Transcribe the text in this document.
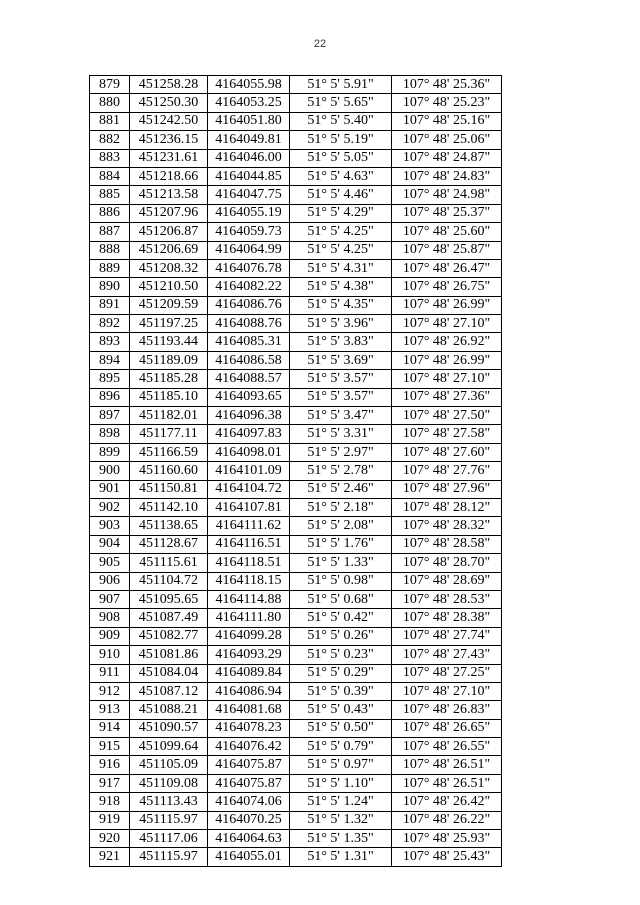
22
879	451258.28	4164055.98	51° 5' 5.91"	107° 48' 25.36"
880	451250.30	4164053.25	51° 5' 5.65"	107° 48' 25.23"
881	451242.50	4164051.80	51° 5' 5.40"	107° 48' 25.16"
882	451236.15	4164049.81	51° 5' 5.19"	107° 48' 25.06"
883	451231.61	4164046.00	51° 5' 5.05"	107° 48' 24.87"
884	451218.66	4164044.85	51° 5' 4.63"	107° 48' 24.83"
885	451213.58	4164047.75	51° 5' 4.46"	107° 48' 24.98"
886	451207.96	4164055.19	51° 5' 4.29"	107° 48' 25.37"
887	451206.87	4164059.73	51° 5' 4.25"	107° 48' 25.60"
888	451206.69	4164064.99	51° 5' 4.25"	107° 48' 25.87"
889	451208.32	4164076.78	51° 5' 4.31"	107° 48' 26.47"
890	451210.50	4164082.22	51° 5' 4.38"	107° 48' 26.75"
891	451209.59	4164086.76	51° 5' 4.35"	107° 48' 26.99"
892	451197.25	4164088.76	51° 5' 3.96"	107° 48' 27.10"
893	451193.44	4164085.31	51° 5' 3.83"	107° 48' 26.92"
894	451189.09	4164086.58	51° 5' 3.69"	107° 48' 26.99"
895	451185.28	4164088.57	51° 5' 3.57"	107° 48' 27.10"
896	451185.10	4164093.65	51° 5' 3.57"	107° 48' 27.36"
897	451182.01	4164096.38	51° 5' 3.47"	107° 48' 27.50"
898	451177.11	4164097.83	51° 5' 3.31"	107° 48' 27.58"
899	451166.59	4164098.01	51° 5' 2.97"	107° 48' 27.60"
900	451160.60	4164101.09	51° 5' 2.78"	107° 48' 27.76"
901	451150.81	4164104.72	51° 5' 2.46"	107° 48' 27.96"
902	451142.10	4164107.81	51° 5' 2.18"	107° 48' 28.12"
903	451138.65	4164111.62	51° 5' 2.08"	107° 48' 28.32"
904	451128.67	4164116.51	51° 5' 1.76"	107° 48' 28.58"
905	451115.61	4164118.51	51° 5' 1.33"	107° 48' 28.70"
906	451104.72	4164118.15	51° 5' 0.98"	107° 48' 28.69"
907	451095.65	4164114.88	51° 5' 0.68"	107° 48' 28.53"
908	451087.49	4164111.80	51° 5' 0.42"	107° 48' 28.38"
909	451082.77	4164099.28	51° 5' 0.26"	107° 48' 27.74"
910	451081.86	4164093.29	51° 5' 0.23"	107° 48' 27.43"
911	451084.04	4164089.84	51° 5' 0.29"	107° 48' 27.25"
912	451087.12	4164086.94	51° 5' 0.39"	107° 48' 27.10"
913	451088.21	4164081.68	51° 5' 0.43"	107° 48' 26.83"
914	451090.57	4164078.23	51° 5' 0.50"	107° 48' 26.65"
915	451099.64	4164076.42	51° 5' 0.79"	107° 48' 26.55"
916	451105.09	4164075.87	51° 5' 0.97"	107° 48' 26.51"
917	451109.08	4164075.87	51° 5' 1.10"	107° 48' 26.51"
918	451113.43	4164074.06	51° 5' 1.24"	107° 48' 26.42"
919	451115.97	4164070.25	51° 5' 1.32"	107° 48' 26.22"
920	451117.06	4164064.63	51° 5' 1.35"	107° 48' 25.93"
921	451115.97	4164055.01	51° 5' 1.31"	107° 48' 25.43"
